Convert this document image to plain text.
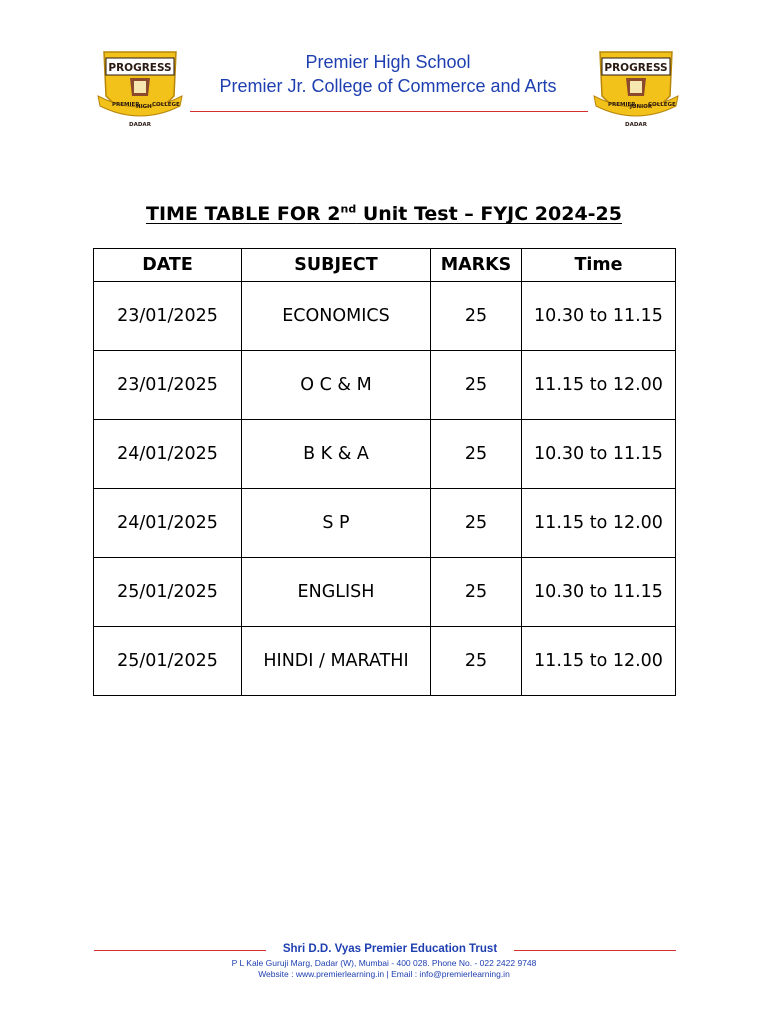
PROGRESS
PREMIER
HIGH COLLEGE
DADAR
PROGRESS
PREMIER
JUNIOR
COLLEGE
DADAR
Premier High School
Premier Jr. College of Commerce and Arts
TIME TABLE FOR 2nd Unit Test – FYJC 2024-25
DATE	SUBJECT	MARKS	Time
23/01/2025	ECONOMICS	25	10.30 to 11.15
23/01/2025	O C & M	25	11.15 to 12.00
24/01/2025	B K & A	25	10.30 to 11.15
24/01/2025	S P	25	11.15 to 12.00
25/01/2025	ENGLISH	25	10.30 to 11.15
25/01/2025	HINDI / MARATHI	25	11.15 to 12.00
Shri D.D. Vyas Premier Education Trust
P L Kale Guruji Marg, Dadar (W), Mumbai - 400 028. Phone No. - 022 2422 9748
Website : www.premierlearning.in | Email : info@premierlearning.in
